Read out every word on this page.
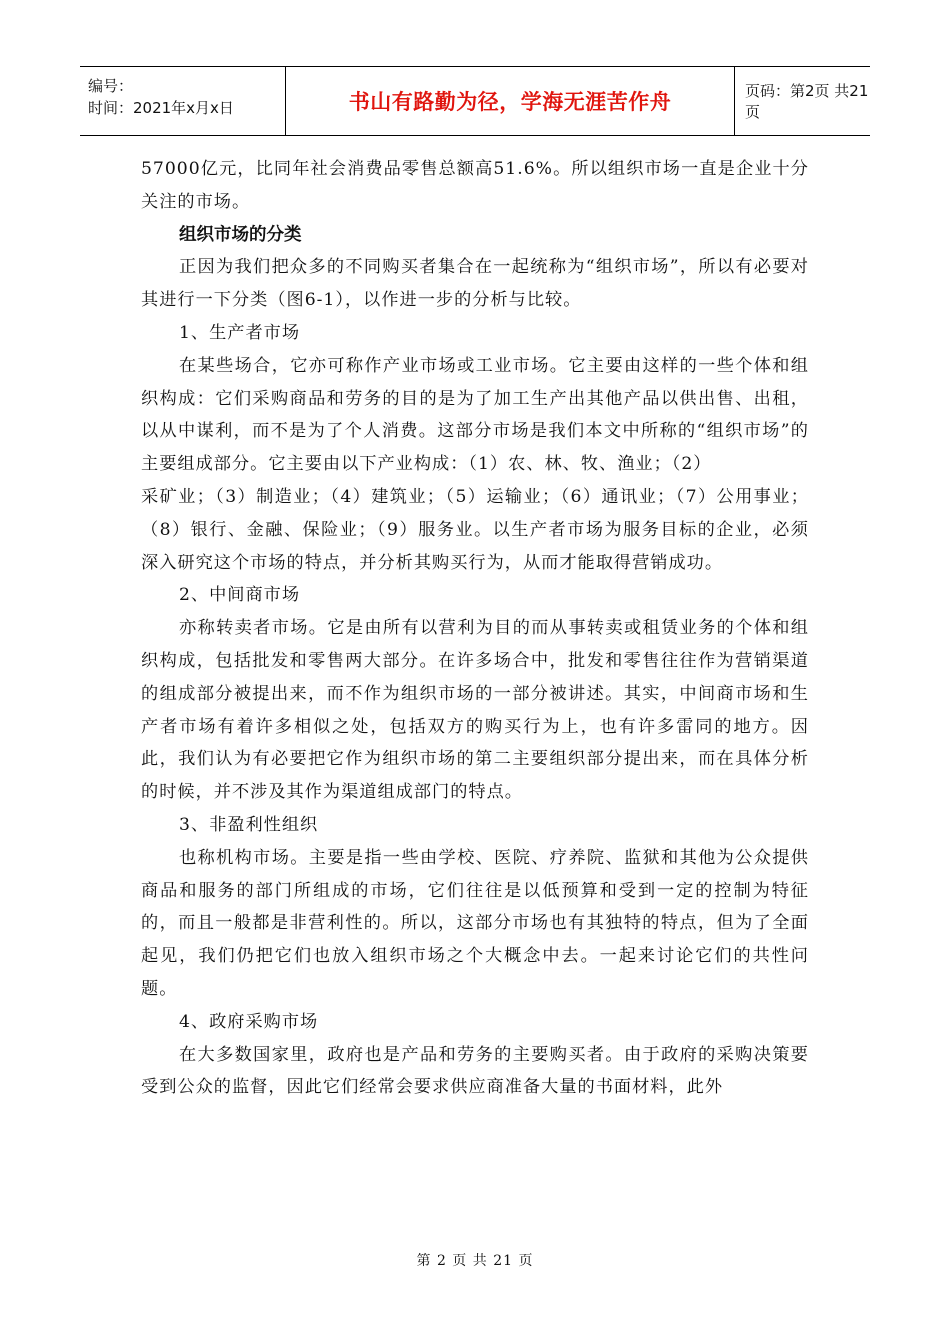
编号：
时间：2021年x月x日	书山有路勤为径，学海无涯苦作舟	页码：第2页 共21页

57000亿元，比同年社会消费品零售总额高51.6%。所以组织市场一直是企业十分关注的市场。

组织市场的分类

正因为我们把众多的不同购买者集合在一起统称为“组织市场”，所以有必要对其进行一下分类（图6-1），以作进一步的分析与比较。

1、生产者市场

在某些场合，它亦可称作产业市场或工业市场。它主要由这样的一些个体和组织构成：它们采购商品和劳务的目的是为了加工生产出其他产品以供出售、出租，以从中谋利，而不是为了个人消费。这部分市场是我们本文中所称的“组织市场”的主要组成部分。它主要由以下产业构成：（1）农、林、牧、渔业；（2）

采矿业；（3）制造业；（4）建筑业；（5）运输业；（6）通讯业；（7）公用事业；（8）银行、金融、保险业；（9）服务业。以生产者市场为服务目标的企业，必须深入研究这个市场的特点，并分析其购买行为，从而才能取得营销成功。

2、中间商市场

亦称转卖者市场。它是由所有以营利为目的而从事转卖或租赁业务的个体和组织构成，包括批发和零售两大部分。在许多场合中，批发和零售往往作为营销渠道的组成部分被提出来，而不作为组织市场的一部分被讲述。其实，中间商市场和生产者市场有着许多相似之处，包括双方的购买行为上，也有许多雷同的地方。因此，我们认为有必要把它作为组织市场的第二主要组织部分提出来，而在具体分析的时候，并不涉及其作为渠道组成部门的特点。

3、非盈利性组织

也称机构市场。主要是指一些由学校、医院、疗养院、监狱和其他为公众提供商品和服务的部门所组成的市场，它们往往是以低预算和受到一定的控制为特征的，而且一般都是非营利性的。所以，这部分市场也有其独特的特点，但为了全面起见，我们仍把它们也放入组织市场之个大概念中去。一起来讨论它们的共性问题。

4、政府采购市场

在大多数国家里，政府也是产品和劳务的主要购买者。由于政府的采购决策要受到公众的监督，因此它们经常会要求供应商准备大量的书面材料，此外

第 2 页 共 21 页
